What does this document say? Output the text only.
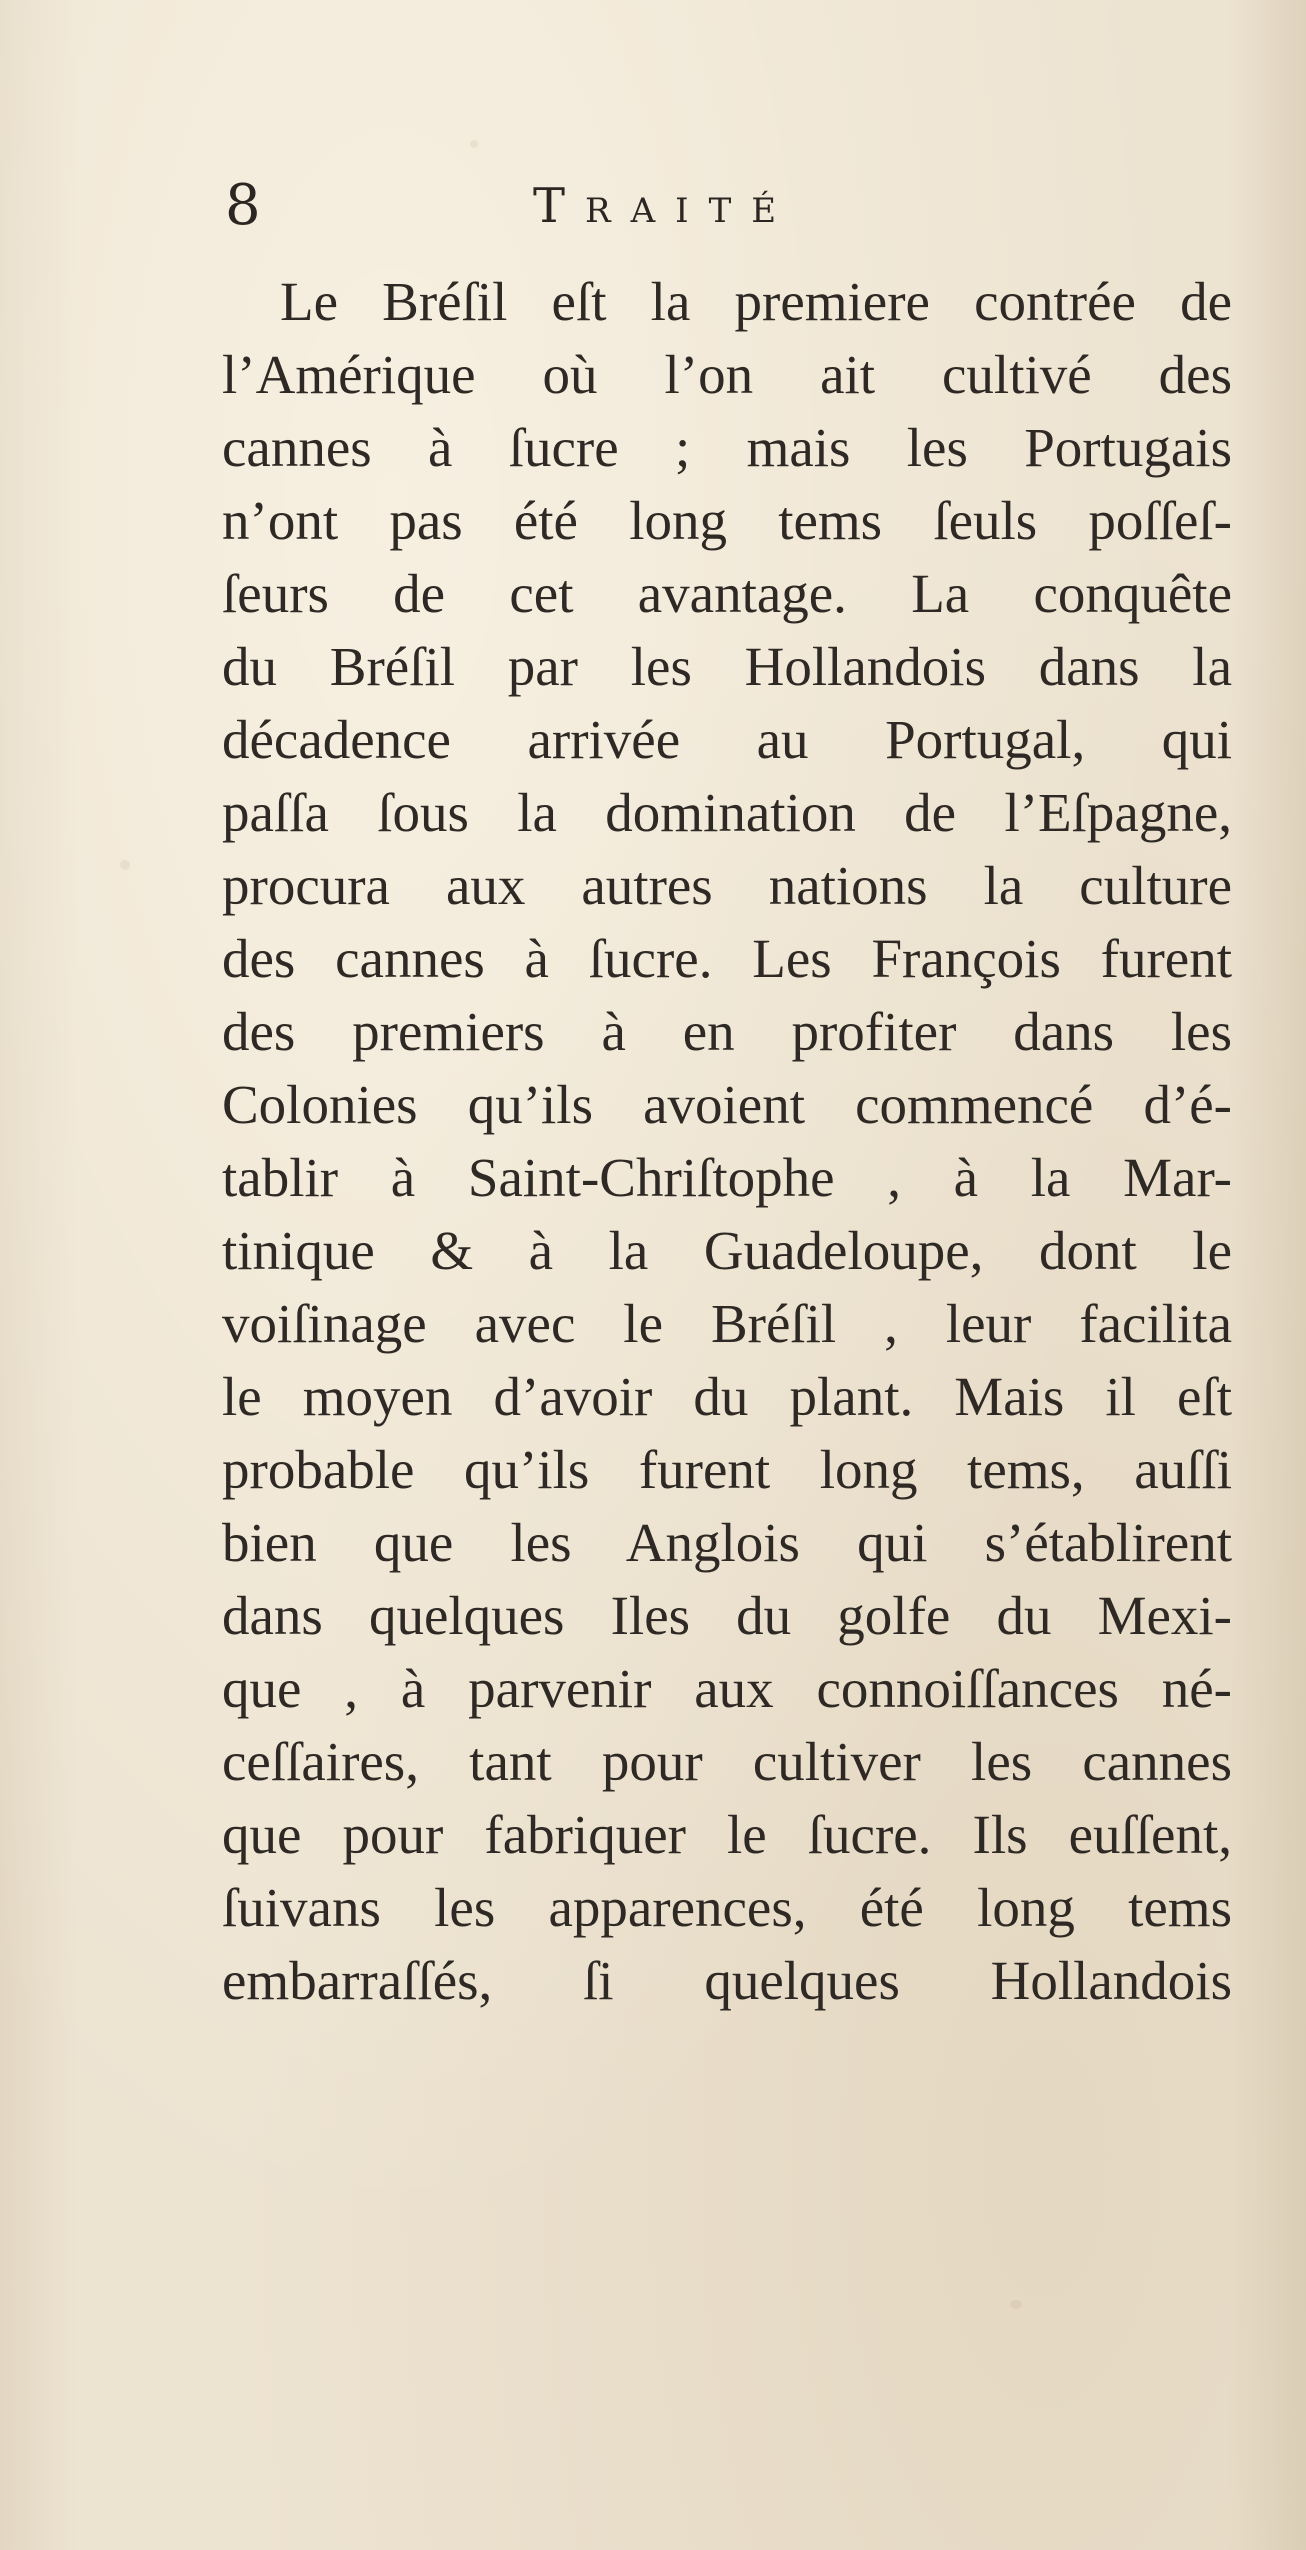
8	Traité
Le Bréſil eſt la premiere contrée de
l’Amérique où l’on ait cultivé des
cannes à ſucre ; mais les Portugais
n’ont pas été long tems ſeuls poſſeſ-
ſeurs de cet avantage. La conquête
du Bréſil par les Hollandois dans la
décadence arrivée au Portugal, qui
paſſa ſous la domination de l’Eſpagne,
procura aux autres nations la culture
des cannes à ſucre. Les François furent
des premiers à en profiter dans les
Colonies qu’ils avoient commencé d’é-
tablir à Saint-Chriſtophe , à la Mar-
tinique & à la Guadeloupe, dont le
voiſinage avec le Bréſil , leur facilita
le moyen d’avoir du plant. Mais il eſt
probable qu’ils furent long tems, auſſi
bien que les Anglois qui s’établirent
dans quelques Iles du golfe du Mexi-
que , à parvenir aux connoiſſances né-
ceſſaires, tant pour cultiver les cannes
que pour fabriquer le ſucre. Ils euſſent,
ſuivans les apparences, été long tems
embarraſſés, ſi quelques Hollandois
